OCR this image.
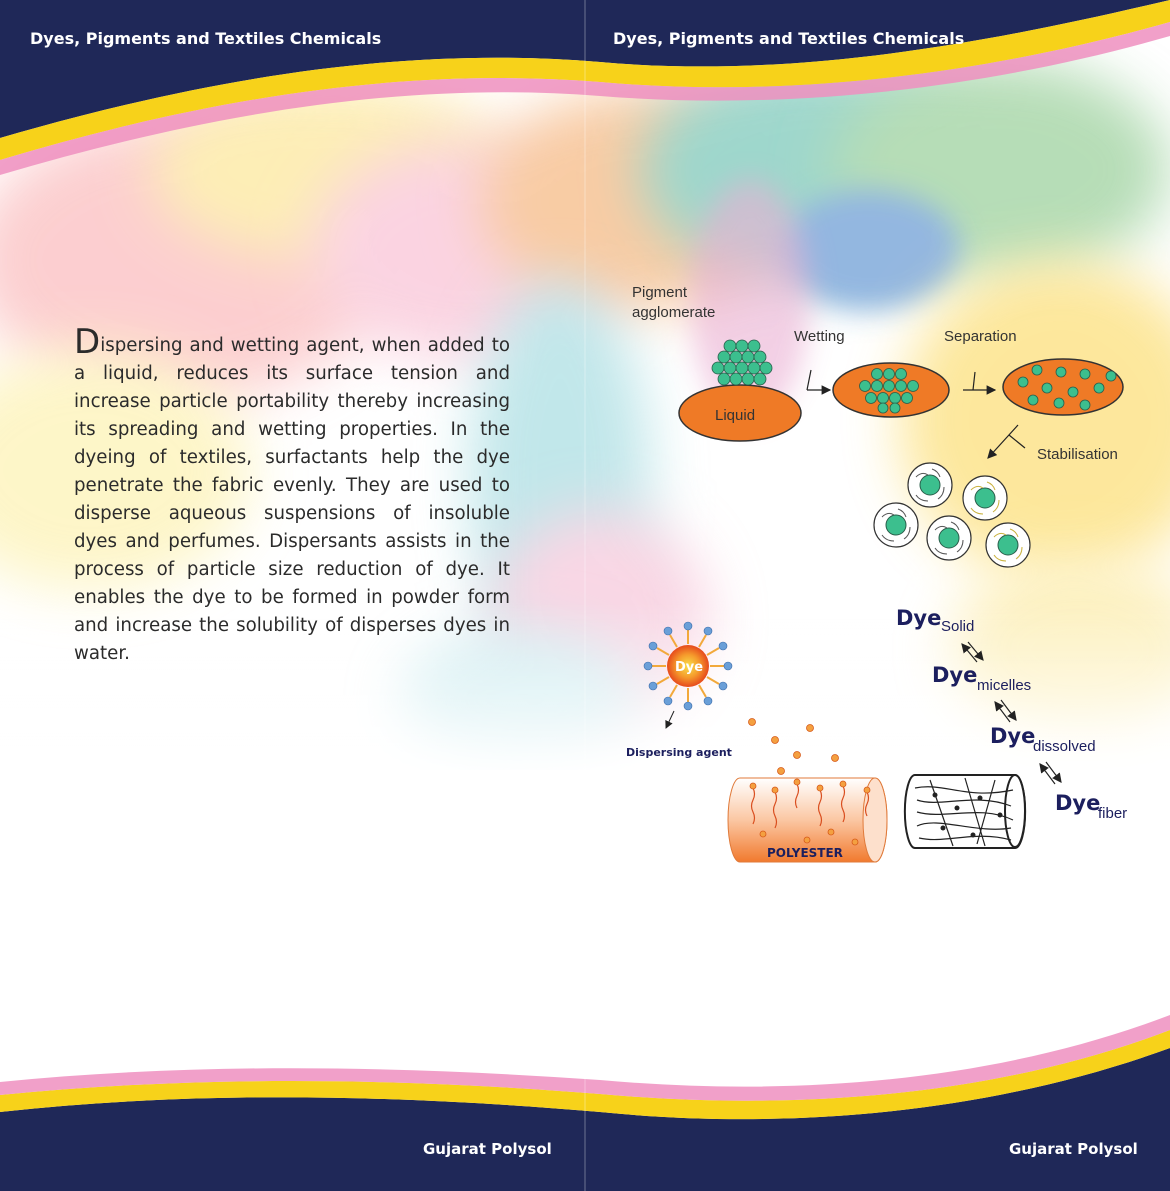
Dyes, Pigments and Textiles Chemicals	Dyes, Pigments and Textiles Chemicals
Gujarat Polysol	Gujarat Polysol
Dispersing and wetting agent, when added to a liquid, reduces its surface tension and increase particle portability thereby increasing its spreading and wetting properties. In the dyeing of textiles, surfactants help the dye penetrate the fabric evenly. They are used to disperse aqueous suspensions of insoluble dyes and perfumes. Dispersants assists in the process of particle size reduction of dye. It enables the dye to be formed in powder form and increase the solubility of disperses dyes in water.
Pigment
agglomerate
Liquid
Wetting	Separation
Stabilisation
Dye
Dispersing agent
POLYESTER
Dye Solid
Dye micelles
Dye
dissolved
Dye
fiber
